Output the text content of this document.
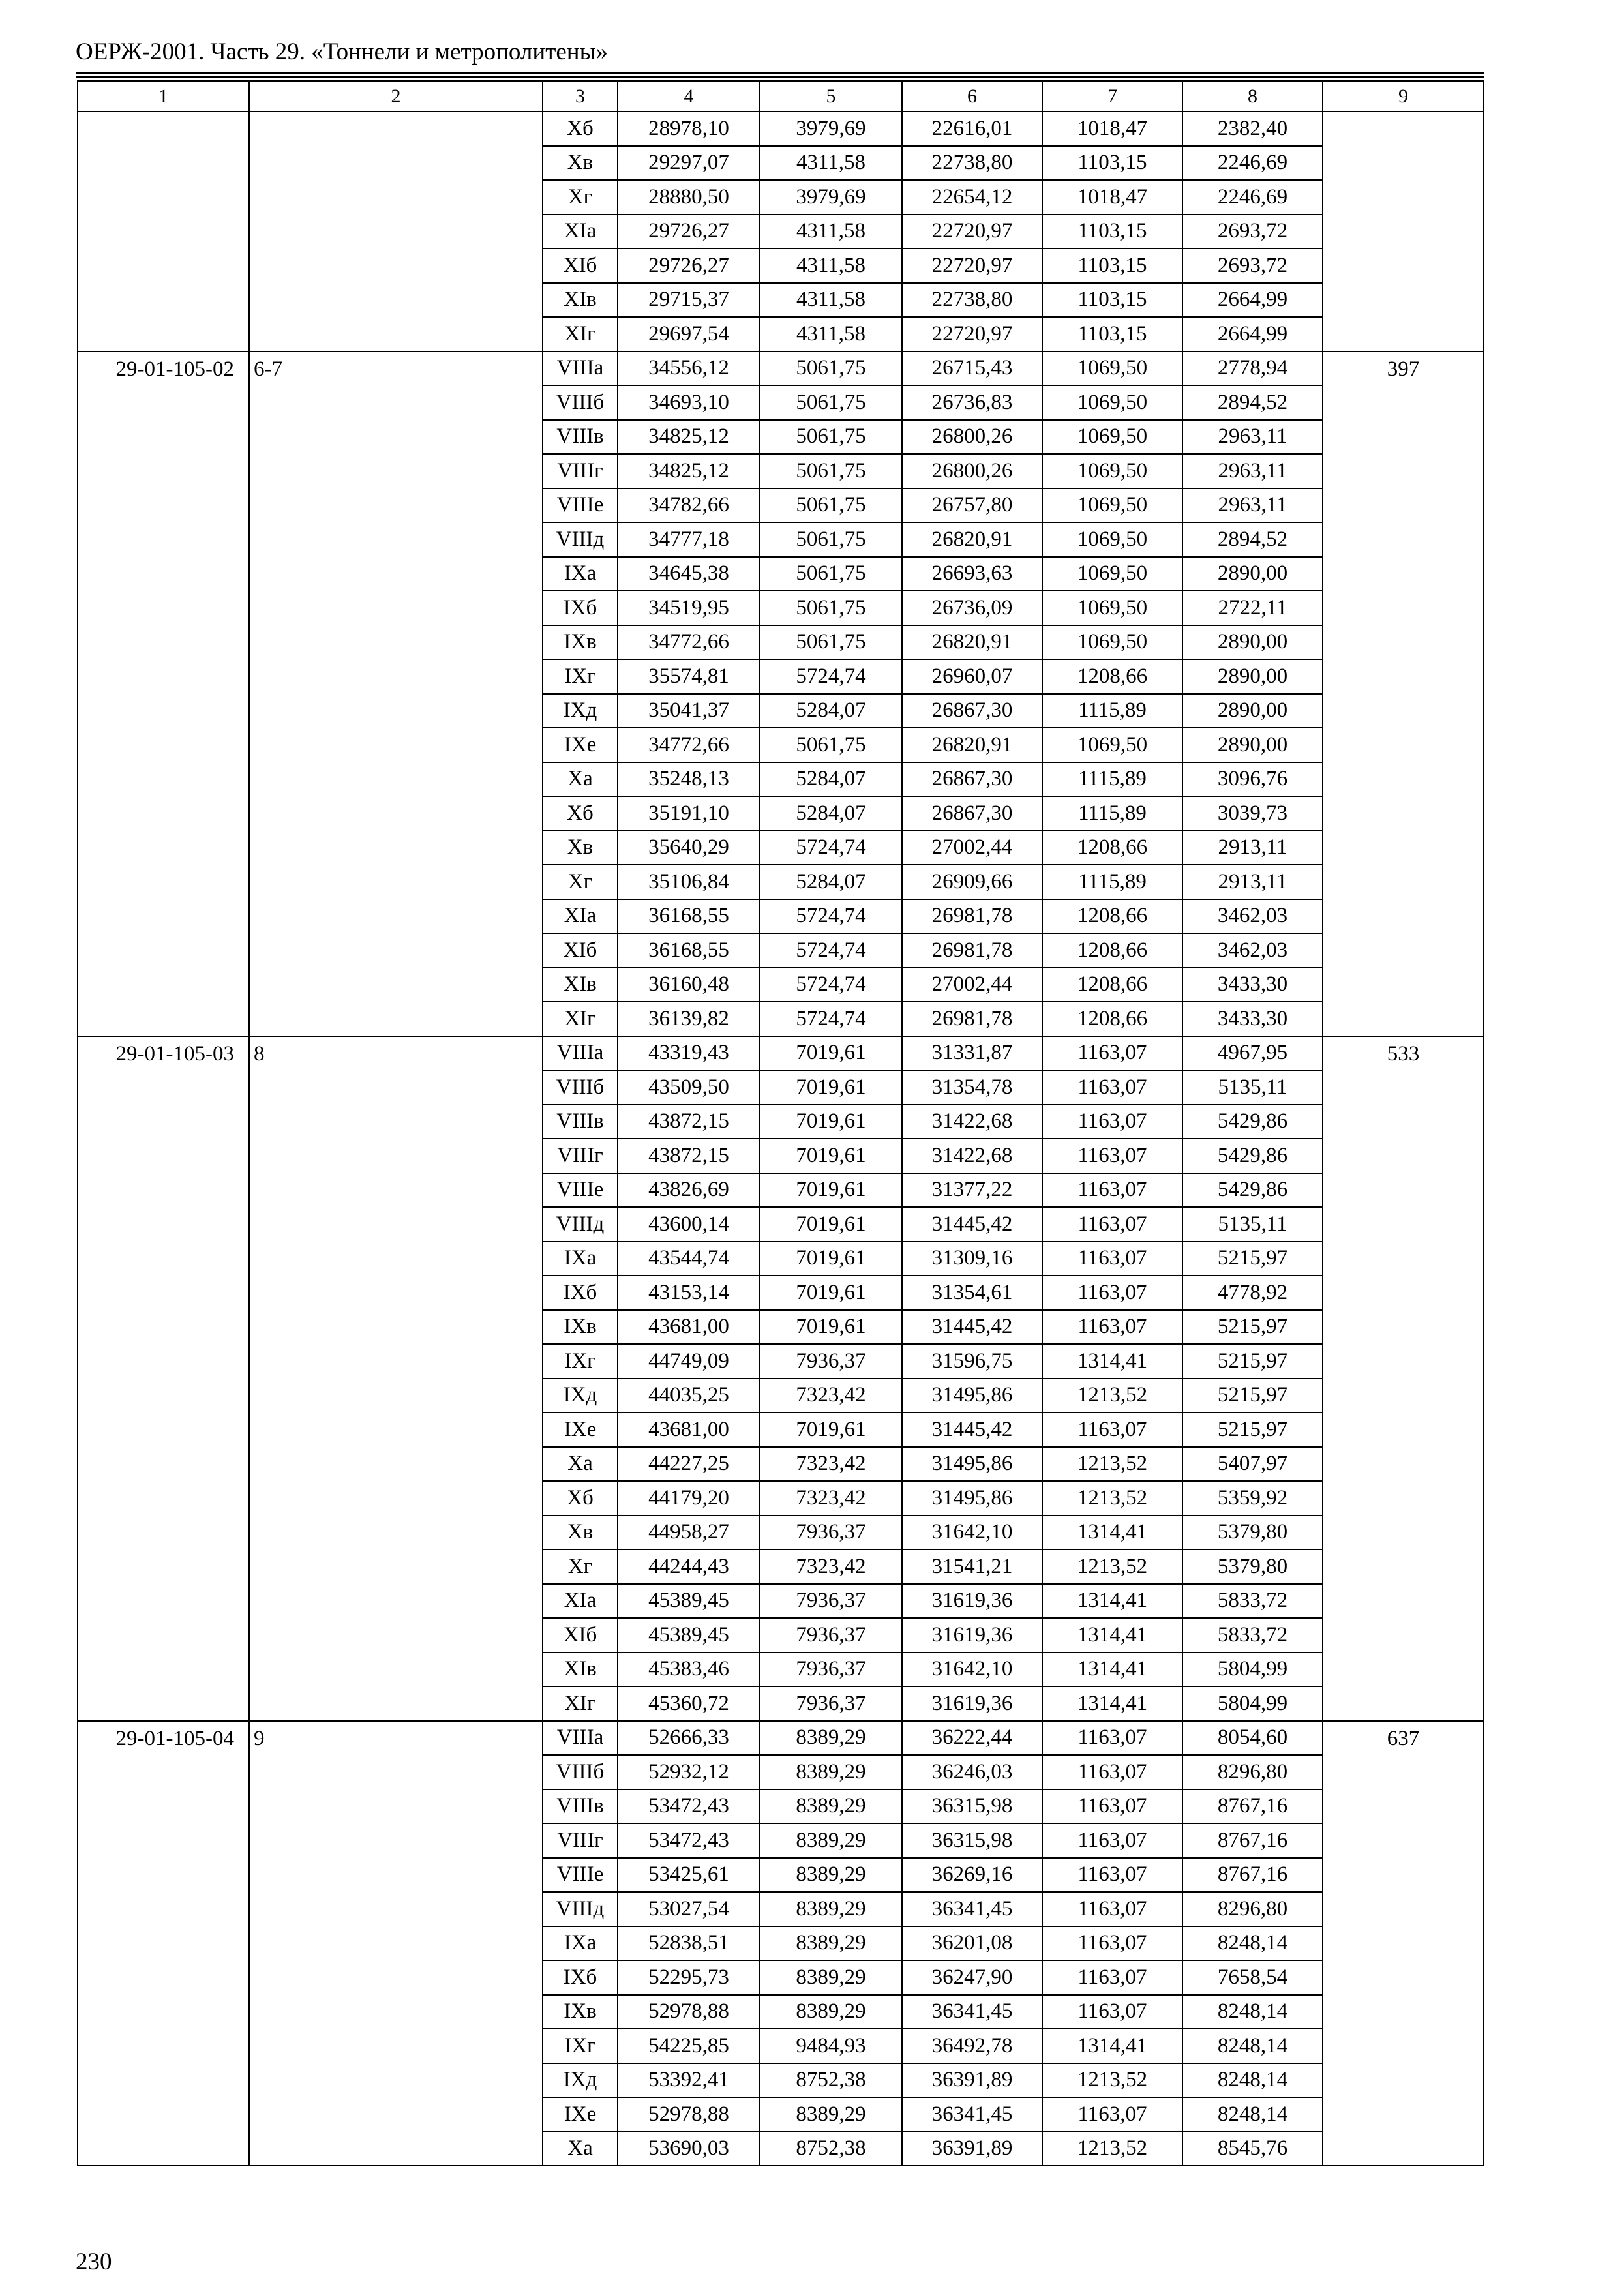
ОЕРЖ-2001. Часть 29. «Тоннели и метрополитены»
1	2	3	4	5	6	7	8	9
		Xб	28978,10	3979,69	22616,01	1018,47	2382,40	
		Xв	29297,07	4311,58	22738,80	1103,15	2246,69	
		Xг	28880,50	3979,69	22654,12	1018,47	2246,69	
		XIа	29726,27	4311,58	22720,97	1103,15	2693,72	
		XIб	29726,27	4311,58	22720,97	1103,15	2693,72	
		XIв	29715,37	4311,58	22738,80	1103,15	2664,99	
		XIг	29697,54	4311,58	22720,97	1103,15	2664,99	
29-01-105-02	6-7	VIIIа	34556,12	5061,75	26715,43	1069,50	2778,94	397
		VIIIб	34693,10	5061,75	26736,83	1069,50	2894,52	
		VIIIв	34825,12	5061,75	26800,26	1069,50	2963,11	
		VIIIг	34825,12	5061,75	26800,26	1069,50	2963,11	
		VIIIе	34782,66	5061,75	26757,80	1069,50	2963,11	
		VIIIд	34777,18	5061,75	26820,91	1069,50	2894,52	
		IXа	34645,38	5061,75	26693,63	1069,50	2890,00	
		IXб	34519,95	5061,75	26736,09	1069,50	2722,11	
		IXв	34772,66	5061,75	26820,91	1069,50	2890,00	
		IXг	35574,81	5724,74	26960,07	1208,66	2890,00	
		IXд	35041,37	5284,07	26867,30	1115,89	2890,00	
		IXе	34772,66	5061,75	26820,91	1069,50	2890,00	
		Xа	35248,13	5284,07	26867,30	1115,89	3096,76	
		Xб	35191,10	5284,07	26867,30	1115,89	3039,73	
		Xв	35640,29	5724,74	27002,44	1208,66	2913,11	
		Xг	35106,84	5284,07	26909,66	1115,89	2913,11	
		XIа	36168,55	5724,74	26981,78	1208,66	3462,03	
		XIб	36168,55	5724,74	26981,78	1208,66	3462,03	
		XIв	36160,48	5724,74	27002,44	1208,66	3433,30	
		XIг	36139,82	5724,74	26981,78	1208,66	3433,30	
29-01-105-03	8	VIIIа	43319,43	7019,61	31331,87	1163,07	4967,95	533
		VIIIб	43509,50	7019,61	31354,78	1163,07	5135,11	
		VIIIв	43872,15	7019,61	31422,68	1163,07	5429,86	
		VIIIг	43872,15	7019,61	31422,68	1163,07	5429,86	
		VIIIе	43826,69	7019,61	31377,22	1163,07	5429,86	
		VIIIд	43600,14	7019,61	31445,42	1163,07	5135,11	
		IXа	43544,74	7019,61	31309,16	1163,07	5215,97	
		IXб	43153,14	7019,61	31354,61	1163,07	4778,92	
		IXв	43681,00	7019,61	31445,42	1163,07	5215,97	
		IXг	44749,09	7936,37	31596,75	1314,41	5215,97	
		IXд	44035,25	7323,42	31495,86	1213,52	5215,97	
		IXе	43681,00	7019,61	31445,42	1163,07	5215,97	
		Xа	44227,25	7323,42	31495,86	1213,52	5407,97	
		Xб	44179,20	7323,42	31495,86	1213,52	5359,92	
		Xв	44958,27	7936,37	31642,10	1314,41	5379,80	
		Xг	44244,43	7323,42	31541,21	1213,52	5379,80	
		XIа	45389,45	7936,37	31619,36	1314,41	5833,72	
		XIб	45389,45	7936,37	31619,36	1314,41	5833,72	
		XIв	45383,46	7936,37	31642,10	1314,41	5804,99	
		XIг	45360,72	7936,37	31619,36	1314,41	5804,99	
29-01-105-04	9	VIIIа	52666,33	8389,29	36222,44	1163,07	8054,60	637
		VIIIб	52932,12	8389,29	36246,03	1163,07	8296,80	
		VIIIв	53472,43	8389,29	36315,98	1163,07	8767,16	
		VIIIг	53472,43	8389,29	36315,98	1163,07	8767,16	
		VIIIе	53425,61	8389,29	36269,16	1163,07	8767,16	
		VIIIд	53027,54	8389,29	36341,45	1163,07	8296,80	
		IXа	52838,51	8389,29	36201,08	1163,07	8248,14	
		IXб	52295,73	8389,29	36247,90	1163,07	7658,54	
		IXв	52978,88	8389,29	36341,45	1163,07	8248,14	
		IXг	54225,85	9484,93	36492,78	1314,41	8248,14	
		IXд	53392,41	8752,38	36391,89	1213,52	8248,14	
		IXе	52978,88	8389,29	36341,45	1163,07	8248,14	
		Xа	53690,03	8752,38	36391,89	1213,52	8545,76	
230
